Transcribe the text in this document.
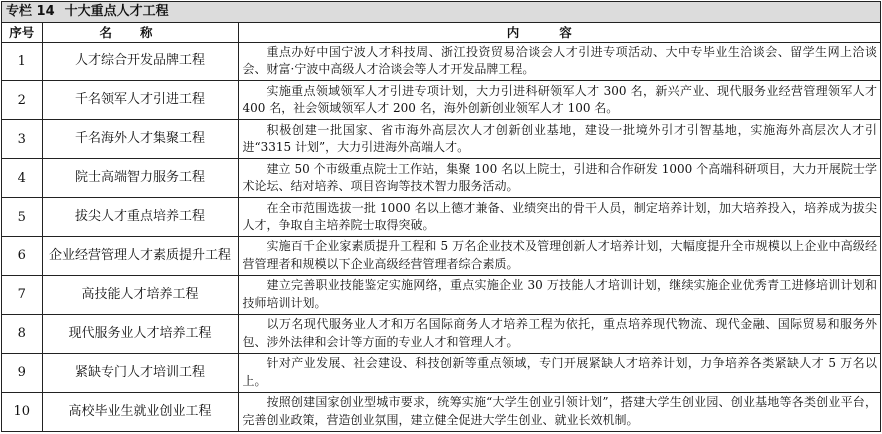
专栏 14 十大重点人才工程
序号	名称	内容
1	人才综合开发品牌工程	重点办好中国宁波人才科技周、浙江投资贸易洽谈会人才引进专项活动、大中专毕业生洽谈会、留学生网上洽谈会、财富·宁波中高级人才洽谈会等人才开发品牌工程。
2	千名领军人才引进工程	实施重点领域领军人才引进专项计划，大力引进科研领军人才 300 名，新兴产业、现代服务业经营管理领军人才 400 名，社会领域领军人才 200 名，海外创新创业领军人才 100 名。
3	千名海外人才集聚工程	积极创建一批国家、省市海外高层次人才创新创业基地，建设一批境外引才引智基地，实施海外高层次人才引进“3315 计划”，大力引进海外高端人才。
4	院士高端智力服务工程	建立 50 个市级重点院士工作站，集聚 100 名以上院士，引进和合作研发 1000 个高端科研项目，大力开展院士学术论坛、结对培养、项目咨询等技术智力服务活动。
5	拔尖人才重点培养工程	在全市范围选拔一批 1000 名以上德才兼备、业绩突出的骨干人员，制定培养计划，加大培养投入，培养成为拔尖人才，争取自主培养院士取得突破。
6	企业经营管理人才素质提升工程	实施百千企业家素质提升工程和 5 万名企业技术及管理创新人才培养计划，大幅度提升全市规模以上企业中高级经营管理者和规模以下企业高级经营管理者综合素质。
7	高技能人才培养工程	建立完善职业技能鉴定实施网络，重点实施企业 30 万技能人才培训计划，继续实施企业优秀青工进修培训计划和技师培训计划。
8	现代服务业人才培养工程	以万名现代服务业人才和万名国际商务人才培养工程为依托，重点培养现代物流、现代金融、国际贸易和服务外包、涉外法律和会计等方面的专业人才和管理人才。
9	紧缺专门人才培训工程	针对产业发展、社会建设、科技创新等重点领域，专门开展紧缺人才培养计划，力争培养各类紧缺人才 5 万名以上。
10	高校毕业生就业创业工程	按照创建国家创业型城市要求，统筹实施“大学生创业引领计划”，搭建大学生创业园、创业基地等各类创业平台，完善创业政策，营造创业氛围，建立健全促进大学生创业、就业长效机制。
